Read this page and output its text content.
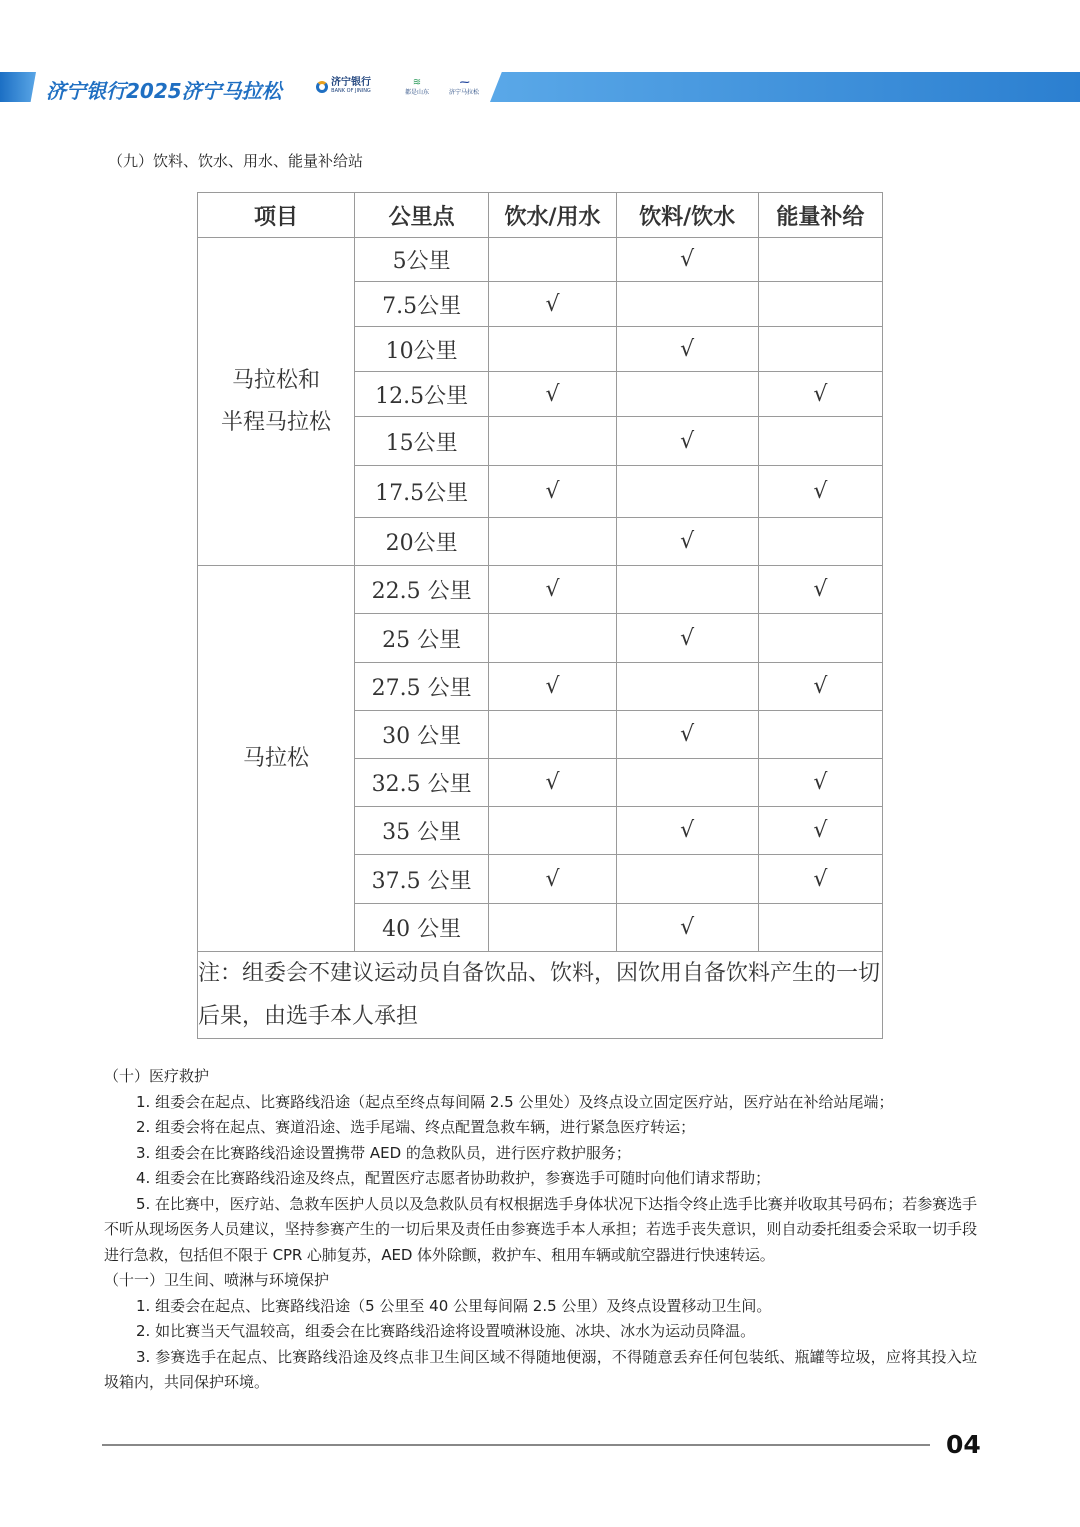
济宁银行2025济宁马拉松	济宁银行
BANK OF JINING
≋
都是山东
⁓
济宁马拉松
（九）饮料、饮水、用水、能量补给站
项目	公里点	饮水/用水	饮料/饮水	能量补给

马拉松和
半程马拉松	5公里		√	
	7.5公里	√		
	10公里		√	
	12.5公里	√		√
	15公里		√	
	17.5公里	√		√
	20公里		√	

马拉松	22.5 公里	√		√
	25 公里		√	
	27.5 公里	√		√
	30 公里		√	
	32.5 公里	√		√
	35 公里		√	√
	37.5 公里	√		√
	40 公里		√	
注：组委会不建议运动员自备饮品、饮料，因饮用自备饮料产生的一切后果，由选手本人承担				
（十）医疗救护
1. 组委会在起点、比赛路线沿途（起点至终点每间隔 2.5 公里处）及终点设立固定医疗站，医疗站在补给站尾端；
2. 组委会将在起点、赛道沿途、选手尾端、终点配置急救车辆，进行紧急医疗转运；
3. 组委会在比赛路线沿途设置携带 AED 的急救队员，进行医疗救护服务；
4. 组委会在比赛路线沿途及终点，配置医疗志愿者协助救护，参赛选手可随时向他们请求帮助；
5. 在比赛中，医疗站、急救车医护人员以及急救队员有权根据选手身体状况下达指令终止选手比赛并收取其号码布；若参赛选手不听从现场医务人员建议，坚持参赛产生的一切后果及责任由参赛选手本人承担；若选手丧失意识，则自动委托组委会采取一切手段进行急救，包括但不限于 CPR 心肺复苏，AED 体外除颤，救护车、租用车辆或航空器进行快速转运。
（十一）卫生间、喷淋与环境保护
1. 组委会在起点、比赛路线沿途（5 公里至 40 公里每间隔 2.5 公里）及终点设置移动卫生间。
2. 如比赛当天气温较高，组委会在比赛路线沿途将设置喷淋设施、冰块、冰水为运动员降温。
3. 参赛选手在起点、比赛路线沿途及终点非卫生间区域不得随地便溺，不得随意丢弃任何包装纸、瓶罐等垃圾，应将其投入垃圾箱内，共同保护环境。
04
